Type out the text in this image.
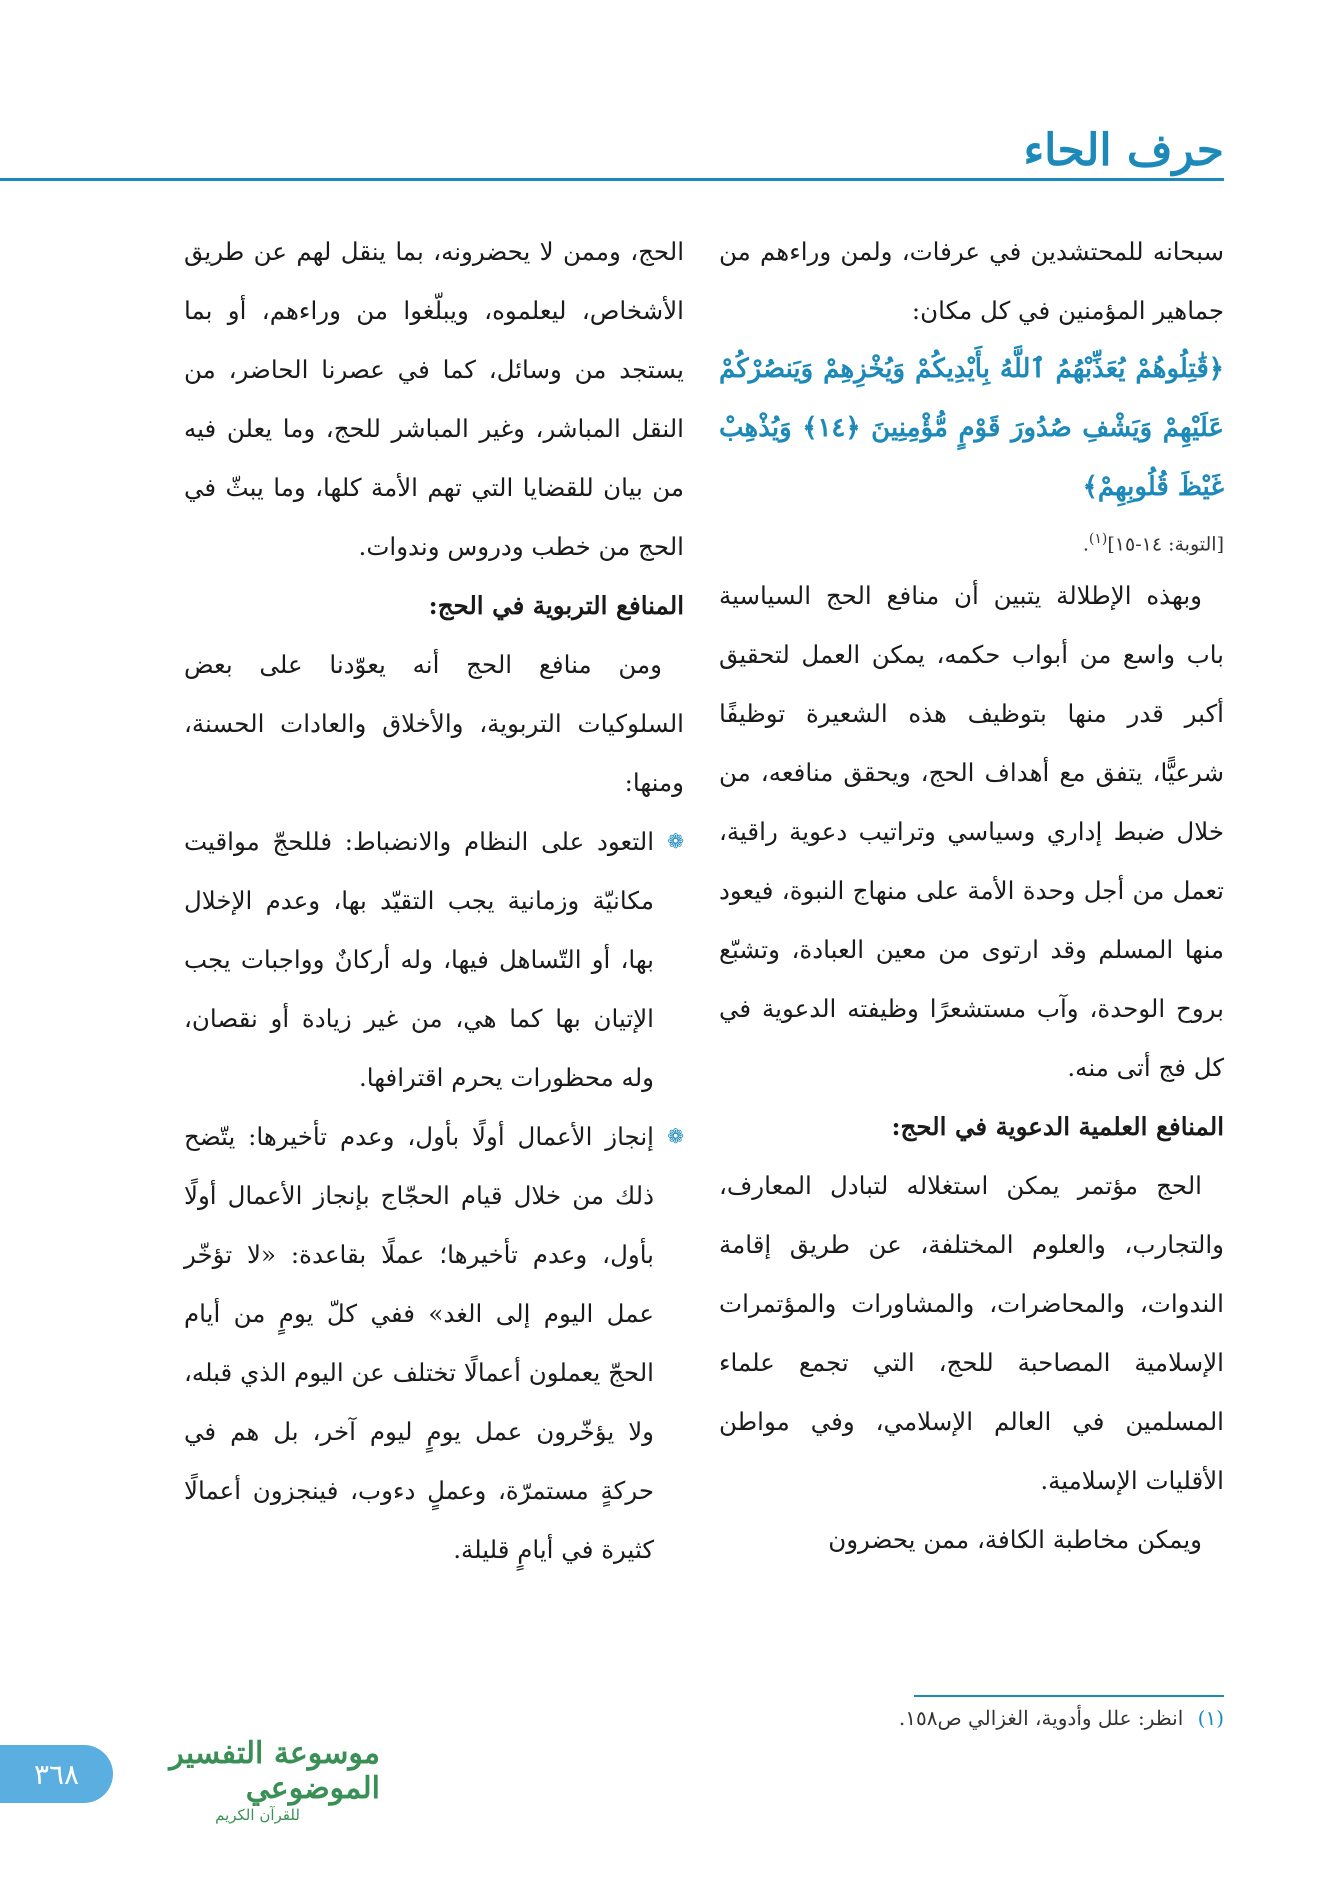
حرف الحاء

سبحانه للمحتشدين في عرفات، ولمن وراءهم من جماهير المؤمنين في كل مكان:

﴿قَٰتِلُوهُمْ يُعَذِّبْهُمُ ٱللَّهُ بِأَيْدِيكُمْ وَيُخْزِهِمْ وَيَنصُرْكُمْ عَلَيْهِمْ وَيَشْفِ صُدُورَ قَوْمٍ مُّؤْمِنِينَ ﴿١٤﴾ وَيُذْهِبْ غَيْظَ قُلُوبِهِمْ﴾

[التوبة: ١٤-١٥]$^{(١)}$.

وبهذه الإطلالة يتبين أن منافع الحج السياسية باب واسع من أبواب حكمه، يمكن العمل لتحقيق أكبر قدر منها بتوظيف هذه الشعيرة توظيفًا شرعيًّا، يتفق مع أهداف الحج، ويحقق منافعه، من خلال ضبط إداري وسياسي وتراتيب دعوية راقية، تعمل من أجل وحدة الأمة على منهاج النبوة، فيعود منها المسلم وقد ارتوى من معين العبادة، وتشبّع بروح الوحدة، وآب مستشعرًا وظيفته الدعوية في كل فج أتى منه.

المنافع العلمية الدعوية في الحج:

الحج مؤتمر يمكن استغلاله لتبادل المعارف، والتجارب، والعلوم المختلفة، عن طريق إقامة الندوات، والمحاضرات، والمشاورات والمؤتمرات الإسلامية المصاحبة للحج، التي تجمع علماء المسلمين في العالم الإسلامي، وفي مواطن الأقليات الإسلامية.

ويمكن مخاطبة الكافة، ممن يحضرون

الحج، وممن لا يحضرونه، بما ينقل لهم عن طريق الأشخاص، ليعلموه، ويبلّغوا من وراءهم، أو بما يستجد من وسائل، كما في عصرنا الحاضر، من النقل المباشر، وغير المباشر للحج، وما يعلن فيه من بيان للقضايا التي تهم الأمة كلها، وما يبثّ في الحج من خطب ودروس وندوات.

المنافع التربوية في الحج:

ومن منافع الحج أنه يعوّدنا على بعض السلوكيات التربوية، والأخلاق والعادات الحسنة، ومنها:

❁
التعود على النظام والانضباط: فللحجّ مواقيت مكانيّة وزمانية يجب التقيّد بها، وعدم الإخلال بها، أو التّساهل فيها، وله أركانٌ وواجبات يجب الإتيان بها كما هي، من غير زيادة أو نقصان، وله محظورات يحرم اقترافها.
❁
إنجاز الأعمال أولًا بأول، وعدم تأخيرها: يتّضح ذلك من خلال قيام الحجّاج بإنجاز الأعمال أولًا بأول، وعدم تأخيرها؛ عملًا بقاعدة: «لا تؤخّر عمل اليوم إلى الغد» ففي كلّ يومٍ من أيام الحجّ يعملون أعمالًا تختلف عن اليوم الذي قبله، ولا يؤخّرون عمل يومٍ ليوم آخر، بل هم في حركةٍ مستمرّة، وعملٍ دءوب، فينجزون أعمالًا كثيرة في أيامٍ قليلة.
(١) انظر: علل وأدوية، الغزالي ص١٥٨.
٣٦٨
موسوعة التفسير الموضوعي
للقرآن الكريم
